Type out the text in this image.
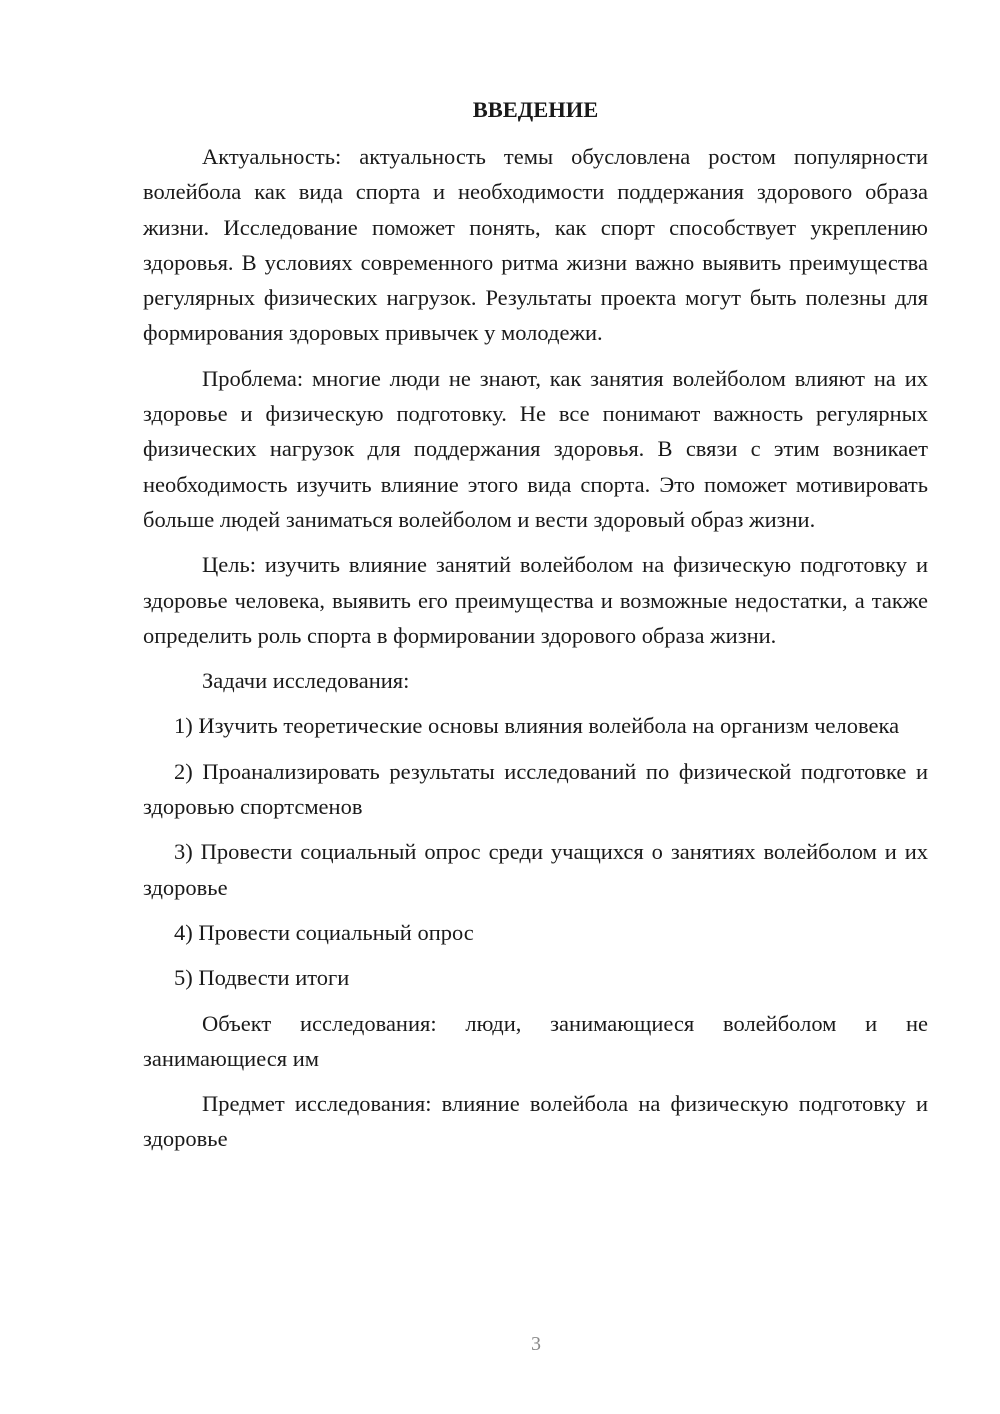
ВВЕДЕНИЕ

Актуальность: актуальность темы обусловлена ростом популярности волейбола как вида спорта и необходимости поддержания здорового образа жизни. Исследование поможет понять, как спорт способствует укреплению здоровья. В условиях современного ритма жизни важно выявить преимущества регулярных физических нагрузок. Результаты проекта могут быть полезны для формирования здоровых привычек у молодежи.

Проблема: многие люди не знают, как занятия волейболом влияют на их здоровье и физическую подготовку. Не все понимают важность регулярных физических нагрузок для поддержания здоровья. В связи с этим возникает необходимость изучить влияние этого вида спорта. Это поможет мотивировать больше людей заниматься волейболом и вести здоровый образ жизни.

Цель: изучить влияние занятий волейболом на физическую подготовку и здоровье человека, выявить его преимущества и возможные недостатки, а также определить роль спорта в формировании здорового образа жизни.

Задачи исследования:

1) Изучить теоретические основы влияния волейбола на организм человека

2) Проанализировать результаты исследований по физической подготовке и здоровью спортсменов

3) Провести социальный опрос среди учащихся о занятиях волейболом и их здоровье

4) Провести социальный опрос

5) Подвести итоги

Объект исследования: люди, занимающиеся волейболом и не занимающиеся им

Предмет исследования: влияние волейбола на физическую подготовку и здоровье

3
